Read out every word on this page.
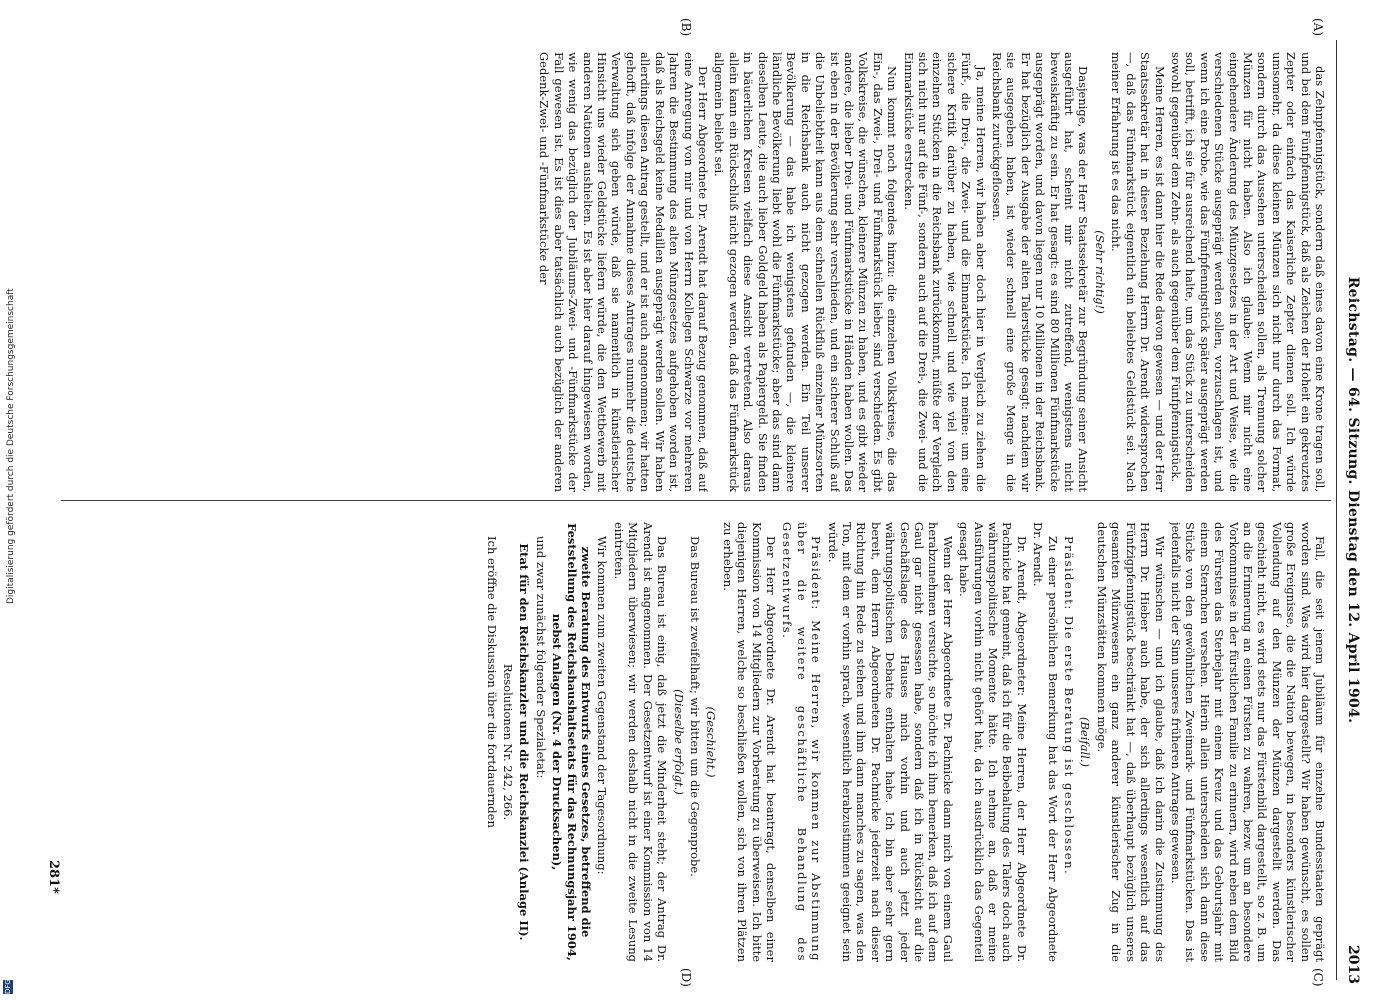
Reichstag. — 64. Sitzung. Dienstag den 12. April 1904.
2013
(A)
(B)
(C)
(D)

das Zehnpfennigstück, sondern daß eines davon eine Krone tragen soll, und bei dem Fünfpfennigstück, daß als Zeichen der Hoheit ein gekreuztes Zepter oder einfach das Kaiserliche Zepter dienen soll. Ich würde umsomehr, da diese kleinen Münzen sich nicht nur durch das Format, sondern durch das Aussehen unterscheiden sollen, als Trennung solcher Münzen für nicht haben. Also ich glaube: Wenn mir nicht eine eingehendere Änderung des Münzgesetzes in der Art und Weise, wie die verschiedenen Stücke ausgeprägt werden sollen, vorzuschlagen ist, und wenn ich eine Probe, wie das Fünfpfennigstück später ausgeprägt werden soll, betrifft, ich sie für ausreichend halte, um das Stück zu unterscheiden sowohl gegenüber dem Zehn- als auch gegenüber dem Fünfpfennigstück.

Meine Herren, es ist dann hier die Rede davon gewesen — und der Herr Staatssekretär hat in dieser Beziehung Herrn Dr. Arendt widersprochen —, daß das Fünfmarkstück eigentlich ein beliebtes Geldstück sei. Nach meiner Erfahrung ist es das nicht.

(Sehr richtig!)

Dasjenige, was der Herr Staatssekretär zur Begründung seiner Ansicht ausgeführt hat, scheint mir nicht zutreffend, wenigstens nicht beweiskräftig zu sein. Er hat gesagt: es sind 80 Millionen Fünfmarkstücke ausgeprägt worden, und davon liegen nur 10 Millionen in der Reichsbank. Er hat bezüglich der Ausgabe der alten Talerstücke gesagt: nachdem wir sie ausgegeben haben, ist wieder schnell eine große Menge in die Reichsbank zurückgeflossen.

Ja, meine Herren, wir haben aber doch hier in Vergleich zu ziehen die Fünf-, die Drei-, die Zwei- und die Einmarkstücke. Ich meine: um eine sichere Kritik darüber zu haben, wie schnell und wie viel von den einzelnen Stücken in die Reichsbank zurückkommt, müßte der Vergleich sich nicht nur auf die Fünf-, sondern auch auf die Drei-, die Zwei- und die Einmarkstücke erstrecken.

Nun kommt noch folgendes hinzu: die einzelnen Volkskreise, die das Ein-, das Zwei-, Drei- und Fünfmarkstück lieber, sind verschieden. Es gibt Volkskreise, die wünschen, kleinere Münzen zu haben, und es gibt wieder andere, die lieber Drei- und Fünfmarkstücke in Händen haben wollen. Das ist eben in der Bevölkerung sehr verschieden, und ein sicherer Schluß auf die Unbeliebtheit kann aus dem schnellen Rückfluß einzelner Münzsorten in die Reichsbank auch nicht gezogen werden. Ein Teil unserer Bevölkerung — das habe ich wenigstens gefunden —, die kleinere ländliche Bevölkerung liebt wohl die Fünfmarkstücke; aber das sind dann dieselben Leute, die auch lieber Goldgeld haben als Papiergeld. Sie finden in bäuerlichen Kreisen vielfach diese Ansicht vertretend. Also daraus allein kann ein Rückschluß nicht gezogen werden, daß das Fünfmarkstück allgemein beliebt sei.

Der Herr Abgeordnete Dr. Arendt hat darauf Bezug genommen, daß auf eine Anregung von mir und von Herrn Kollegen Schwarze vor mehreren Jahren die Bestimmung des alten Münzgesetzes aufgehoben worden ist, daß als Reichsgeld keine Medaillen ausgeprägt werden sollen. Wir haben allerdings diesen Antrag gestellt, und er ist auch angenommen; wir hatten gehofft, daß infolge der Annahme dieses Antrages nunmehr die deutsche Verwaltung sich geben würde, daß sie namentlich in künstlerischer Hinsicht uns wieder Geldstücke liefern würde, die den Wettbewerb mit anderen Nationen aushielten. Es ist aber hier darauf hingewiesen worden, wie wenig das bezüglich der Jubiläums-Zwei- und -Fünfmarkstücke der Fall gewesen ist. Es ist dies aber tatsächlich auch bezüglich der anderen Gedenk-Zwei- und -Fünfmarkstücke der

Fall, die seit jenem Jubiläum für einzelne Bundesstaaten geprägt worden sind. Was wird hier dargestellt? Wir haben gewünscht, es sollen große Ereignisse, die die Nation bewegen, in besonders künstlerischer Vollendung auf den Münzen der Münzen dargestellt werden. Das geschieht nicht, es wird stets nur das Fürstenbild dargestellt, so z. B. um an die Erinnerung an einen Fürsten zu wahren, bezw. um an besondere Vorkommnisse in der fürstlichen Familie zu erinnern, wird neben dem Bild des Fürsten das Sterbejahr mit einem Kreuz und das Geburtsjahr mit einem Sternchen versehen. Hierin allein unterscheiden sich dann diese Stücke von den gewöhnlichen Zweimark- und Fünfmarkstücken. Das ist jedenfalls nicht der Sinn unseres früheren Antrages gewesen.

Wir wünschen — und ich glaube, daß ich darin die Zustimmung des Herrn Dr. Hieber auch habe, der sich allerdings wesentlich auf das Fünfzigpfennigstück beschränkt hat —, daß überhaupt bezüglich unseres gesamten Münzwesens ein ganz anderer künstlerischer Zug in die deutschen Münzstätten kommen möge.

(Beifall.)

Präsident: Die erste Beratung ist geschlossen.

Zu einer persönlichen Bemerkung hat das Wort der Herr Abgeordnete Dr. Arendt.

Dr. Arendt, Abgeordneter: Meine Herren, der Herr Abgeordnete Dr. Pachnicke hat gemeint, daß ich für die Beibehaltung des Talers doch auch währungspolitische Momente hätte. Ich nehme an, daß er meine Ausführungen vorhin nicht gehört hat, da ich ausdrücklich das Gegenteil gesagt habe.

Wenn der Herr Abgeordnete Dr. Pachnicke dann mich von einem Gaul herabzunehmen versuchte, so möchte ich ihm bemerken, daß ich auf dem Gaul gar nicht gesessen habe, sondern daß ich in Rücksicht auf die Geschäftslage des Hauses mich vorhin und auch jetzt jeder währungspolitischen Debatte enthalten habe. Ich bin aber sehr gern bereit, dem Herrn Abgeordneten Dr. Pachnicke jederzeit nach dieser Richtung hin Rede zu stehen und ihm dann manches zu sagen, was den Ton, mit dem er vorhin sprach, wesentlich herabzustimmen geeignet sein würde.

Präsident: Meine Herren, wir kommen zur Abstimmung über die weitere geschäftliche Behandlung des Gesetzentwurfs.

Der Herr Abgeordnete Dr. Arendt hat beantragt, denselben einer Kommission von 14 Mitgliedern zur Vorberatung zu überweisen. Ich bitte diejenigen Herren, welche so beschließen wollen, sich von ihren Plätzen zu erheben.

(Geschieht.)

Das Bureau ist zweifelhaft; wir bitten um die Gegenprobe.

(Dieselbe erfolgt.)

Das Bureau ist einig, daß jetzt die Minderheit steht; der Antrag Dr. Arendt ist angenommen. Der Gesetzentwurf ist einer Kommission von 14 Mitgliedern überwiesen; wir werden deshalb nicht in die zweite Lesung eintreten.

Wir kommen zum zweiten Gegenstand der Tagesordnung:

zweite Beratung des Entwurfs eines Gesetzes, betreffend die Feststellung des Reichshaushaltsetats für das Rechnungsjahr 1904, nebst Anlagen (Nr. 4 der Drucksachen),

und zwar zunächst folgender Spezialetat:

Etat für den Reichskanzler und die Reichskanzlei (Anlage II).

Resolutionen Nr. 242, 266.

Ich eröffne die Diskussion über die fortdauernden

281*
Digitalisierung gefördert durch die Deutsche Forschungsgemeinschaft
DFG
